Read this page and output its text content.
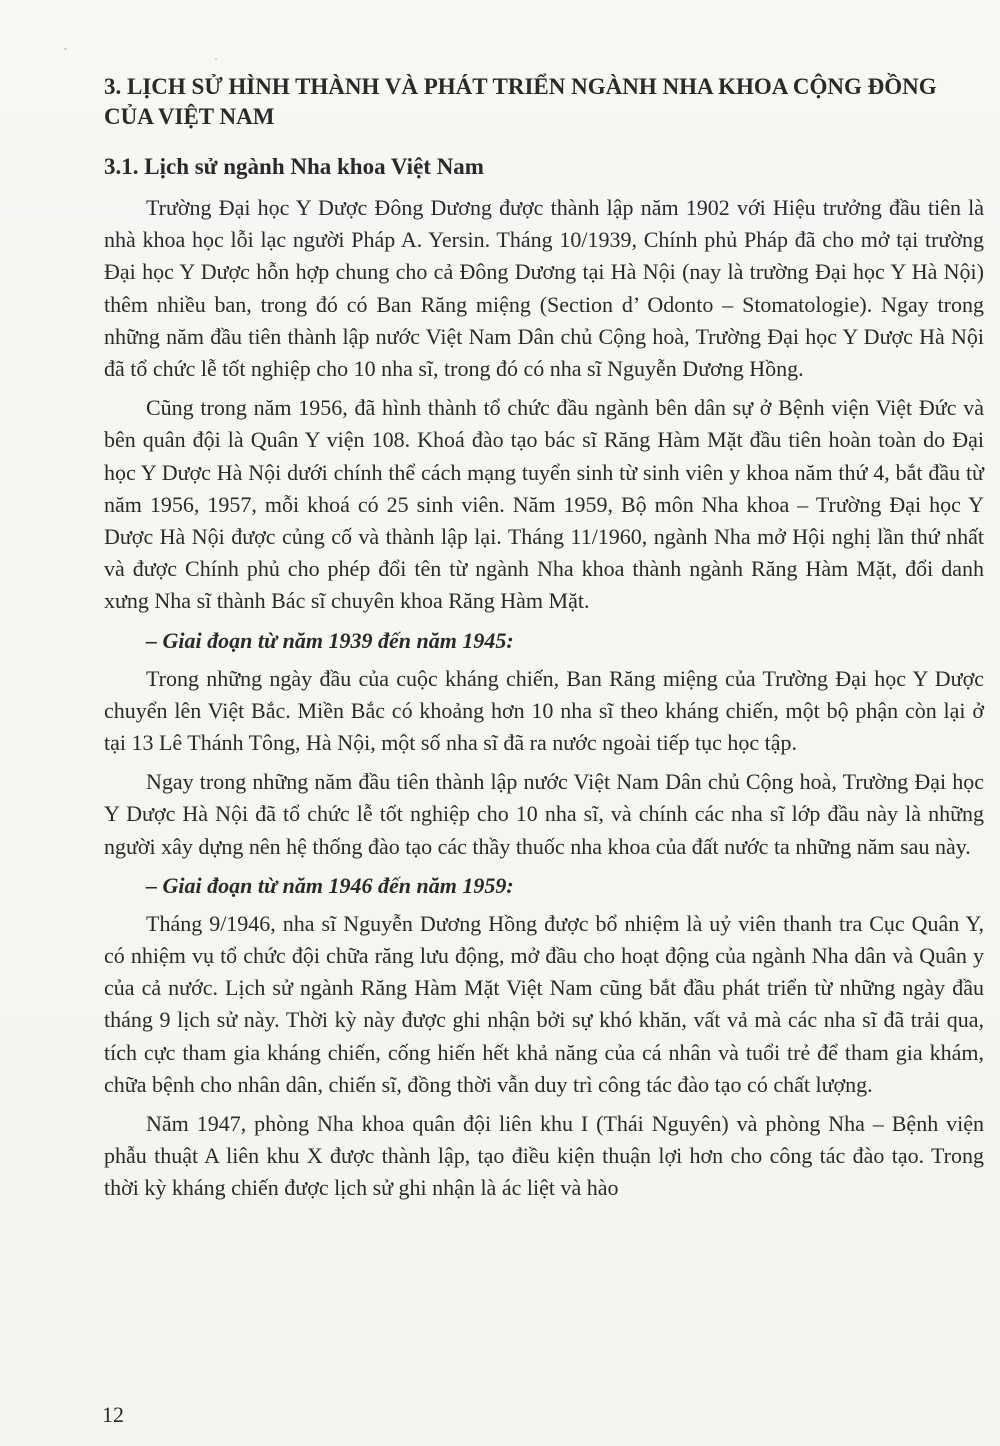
3. LỊCH SỬ HÌNH THÀNH VÀ PHÁT TRIỂN NGÀNH NHA KHOA CỘNG ĐỒNG CỦA VIỆT NAM
3.1. Lịch sử ngành Nha khoa Việt Nam

Trường Đại học Y Dược Đông Dương được thành lập năm 1902 với Hiệu trưởng đầu tiên là nhà khoa học lỗi lạc người Pháp A. Yersin. Tháng 10/1939, Chính phủ Pháp đã cho mở tại trường Đại học Y Dược hỗn hợp chung cho cả Đông Dương tại Hà Nội (nay là trường Đại học Y Hà Nội) thêm nhiều ban, trong đó có Ban Răng miệng (Section d’ Odonto – Stomatologie). Ngay trong những năm đầu tiên thành lập nước Việt Nam Dân chủ Cộng hoà, Trường Đại học Y Dược Hà Nội đã tổ chức lễ tốt nghiệp cho 10 nha sĩ, trong đó có nha sĩ Nguyễn Dương Hồng.

Cũng trong năm 1956, đã hình thành tổ chức đầu ngành bên dân sự ở Bệnh viện Việt Đức và bên quân đội là Quân Y viện 108. Khoá đào tạo bác sĩ Răng Hàm Mặt đầu tiên hoàn toàn do Đại học Y Dược Hà Nội dưới chính thể cách mạng tuyển sinh từ sinh viên y khoa năm thứ 4, bắt đầu từ năm 1956, 1957, mỗi khoá có 25 sinh viên. Năm 1959, Bộ môn Nha khoa – Trường Đại học Y Dược Hà Nội được củng cố và thành lập lại. Tháng 11/1960, ngành Nha mở Hội nghị lần thứ nhất và được Chính phủ cho phép đổi tên từ ngành Nha khoa thành ngành Răng Hàm Mặt, đổi danh xưng Nha sĩ thành Bác sĩ chuyên khoa Răng Hàm Mặt.

– Giai đoạn từ năm 1939 đến năm 1945:

Trong những ngày đầu của cuộc kháng chiến, Ban Răng miệng của Trường Đại học Y Dược chuyển lên Việt Bắc. Miền Bắc có khoảng hơn 10 nha sĩ theo kháng chiến, một bộ phận còn lại ở tại 13 Lê Thánh Tông, Hà Nội, một số nha sĩ đã ra nước ngoài tiếp tục học tập.

Ngay trong những năm đầu tiên thành lập nước Việt Nam Dân chủ Cộng hoà, Trường Đại học Y Dược Hà Nội đã tổ chức lễ tốt nghiệp cho 10 nha sĩ, và chính các nha sĩ lớp đầu này là những người xây dựng nên hệ thống đào tạo các thầy thuốc nha khoa của đất nước ta những năm sau này.

– Giai đoạn từ năm 1946 đến năm 1959:

Tháng 9/1946, nha sĩ Nguyễn Dương Hồng được bổ nhiệm là uỷ viên thanh tra Cục Quân Y, có nhiệm vụ tổ chức đội chữa răng lưu động, mở đầu cho hoạt động của ngành Nha dân và Quân y của cả nước. Lịch sử ngành Răng Hàm Mặt Việt Nam cũng bắt đầu phát triển từ những ngày đầu tháng 9 lịch sử này. Thời kỳ này được ghi nhận bởi sự khó khăn, vất vả mà các nha sĩ đã trải qua, tích cực tham gia kháng chiến, cống hiến hết khả năng của cá nhân và tuổi trẻ để tham gia khám, chữa bệnh cho nhân dân, chiến sĩ, đồng thời vẫn duy trì công tác đào tạo có chất lượng.

Năm 1947, phòng Nha khoa quân đội liên khu I (Thái Nguyên) và phòng Nha – Bệnh viện phẫu thuật A liên khu X được thành lập, tạo điều kiện thuận lợi hơn cho công tác đào tạo. Trong thời kỳ kháng chiến được lịch sử ghi nhận là ác liệt và hào

12
